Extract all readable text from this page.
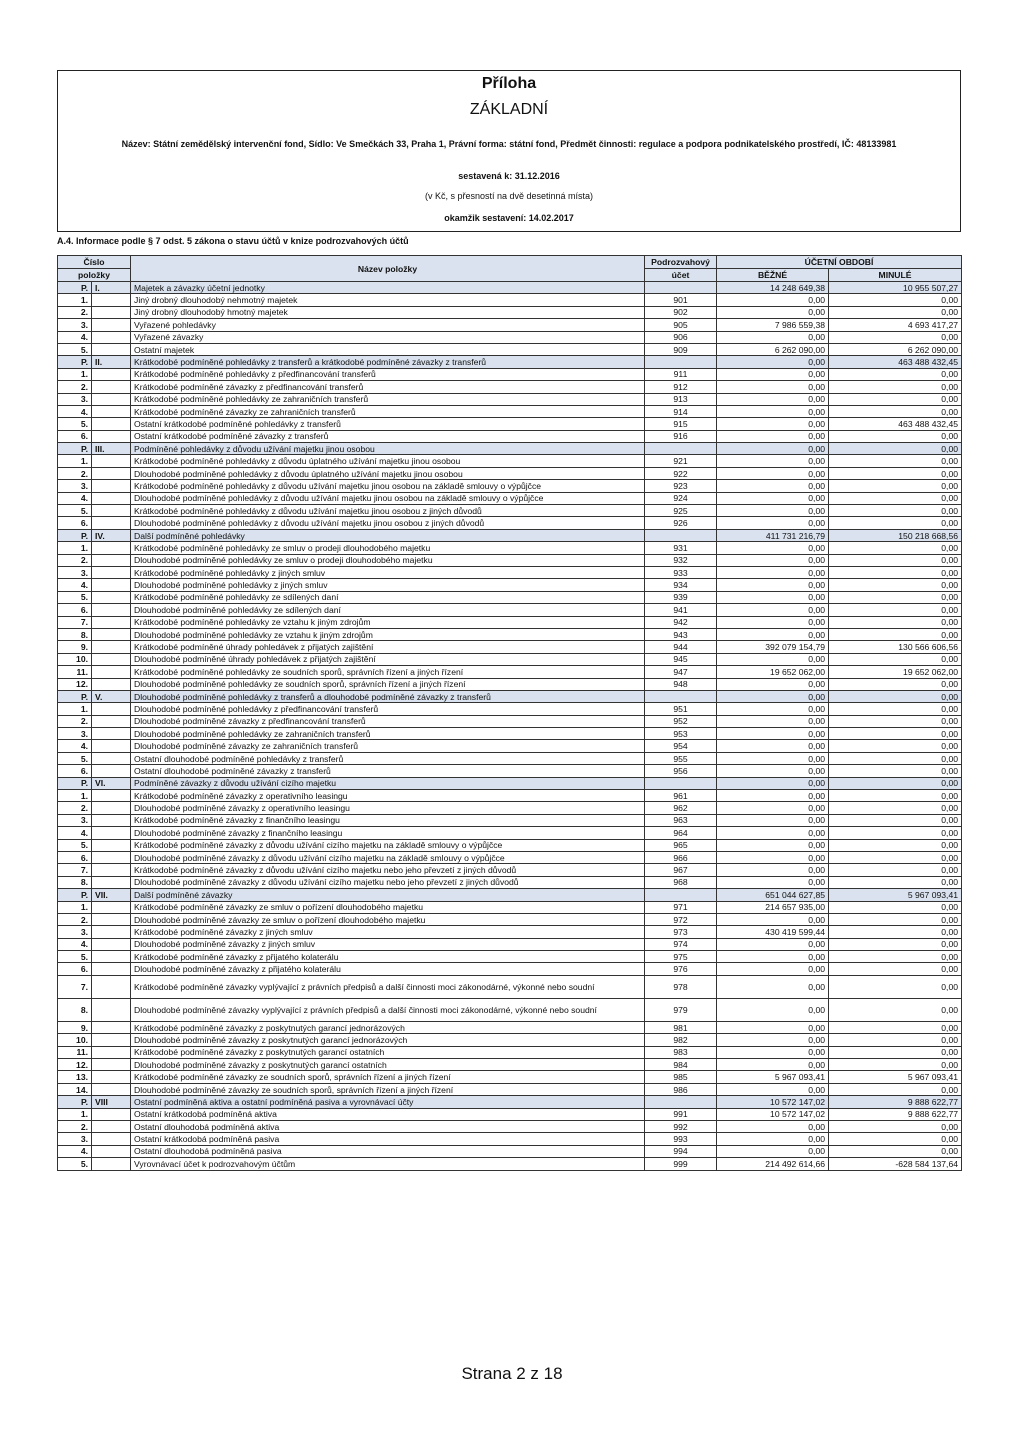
Příloha
ZÁKLADNÍ
Název: Státní zemědělský intervenční fond, Sídlo: Ve Smečkách 33, Praha 1, Právní forma: státní fond, Předmět činnosti: regulace a podpora podnikatelského prostředí, IČ: 48133981
sestavená k: 31.12.2016
(v Kč, s přesností na dvě desetinná místa)
okamžik sestavení: 14.02.2017
A.4. Informace podle § 7 odst. 5 zákona o stavu účtů v knize podrozvahových účtů
Číslo		Název položky	Podrozvahový	ÚČETNÍ OBDOBÍ	
položky			účet	BĚŽNÉ	MINULÉ
P.	I.	Majetek a závazky účetní jednotky		14 248 649,38	10 955 507,27
1.		Jiný drobný dlouhodobý nehmotný majetek	901	0,00	0,00
2.		Jiný drobný dlouhodobý hmotný majetek	902	0,00	0,00
3.		Vyřazené pohledávky	905	7 986 559,38	4 693 417,27
4.		Vyřazené závazky	906	0,00	0,00
5.		Ostatní majetek	909	6 262 090,00	6 262 090,00
P.	II.	Krátkodobé podmíněné pohledávky z transferů a krátkodobé podmíněné závazky z transferů		0,00	463 488 432,45
1.		Krátkodobé podmíněné pohledávky z předfinancování transferů	911	0,00	0,00
2.		Krátkodobé podmíněné závazky z předfinancování transferů	912	0,00	0,00
3.		Krátkodobé podmíněné pohledávky ze zahraničních transferů	913	0,00	0,00
4.		Krátkodobé podmíněné závazky ze zahraničních transferů	914	0,00	0,00
5.		Ostatní krátkodobé podmíněné pohledávky z transferů	915	0,00	463 488 432,45
6.		Ostatní krátkodobé podmíněné závazky z transferů	916	0,00	0,00
P.	III.	Podmíněné pohledávky z důvodu užívání majetku jinou osobou		0,00	0,00
1.		Krátkodobé podmíněné pohledávky z důvodu úplatného užívání majetku jinou osobou	921	0,00	0,00
2.		Dlouhodobé podmíněné pohledávky z důvodu úplatného užívání majetku jinou osobou	922	0,00	0,00
3.		Krátkodobé podmíněné pohledávky z důvodu užívání majetku jinou osobou na základě smlouvy o výpůjčce	923	0,00	0,00
4.		Dlouhodobé podmíněné pohledávky z důvodu užívání majetku jinou osobou na základě smlouvy o výpůjčce	924	0,00	0,00
5.		Krátkodobé podmíněné pohledávky z důvodu užívání majetku jinou osobou z jiných důvodů	925	0,00	0,00
6.		Dlouhodobé podmíněné pohledávky z důvodu užívání majetku jinou osobou z jiných důvodů	926	0,00	0,00
P.	IV.	Další podmíněné pohledávky		411 731 216,79	150 218 668,56
1.		Krátkodobé podmíněné pohledávky ze smluv o prodeji dlouhodobého majetku	931	0,00	0,00
2.		Dlouhodobé podmíněné pohledávky ze smluv o prodeji dlouhodobého majetku	932	0,00	0,00
3.		Krátkodobé podmíněné pohledávky z jiných smluv	933	0,00	0,00
4.		Dlouhodobé podmíněné pohledávky z jiných smluv	934	0,00	0,00
5.		Krátkodobé podmíněné pohledávky ze sdílených daní	939	0,00	0,00
6.		Dlouhodobé podmíněné pohledávky ze sdílených daní	941	0,00	0,00
7.		Krátkodobé podmíněné pohledávky ze vztahu k jiným zdrojům	942	0,00	0,00
8.		Dlouhodobé podmíněné pohledávky ze vztahu k jiným zdrojům	943	0,00	0,00
9.		Krátkodobé podmíněné úhrady pohledávek z přijatých zajištění	944	392 079 154,79	130 566 606,56
10.		Dlouhodobé podmíněné úhrady pohledávek z přijatých zajištění	945	0,00	0,00
11.		Krátkodobé podmíněné pohledávky ze soudních sporů, správních řízení a jiných řízení	947	19 652 062,00	19 652 062,00
12.		Dlouhodobé podmíněné pohledávky ze soudních sporů, správních řízení a jiných řízení	948	0,00	0,00
P.	V.	Dlouhodobé podmíněné pohledávky z transferů a dlouhodobé podmíněné závazky z transferů		0,00	0,00
1.		Dlouhodobé podmíněné pohledávky z předfinancování transferů	951	0,00	0,00
2.		Dlouhodobé podmíněné závazky z předfinancování transferů	952	0,00	0,00
3.		Dlouhodobé podmíněné pohledávky ze zahraničních transferů	953	0,00	0,00
4.		Dlouhodobé podmíněné závazky ze zahraničních transferů	954	0,00	0,00
5.		Ostatní dlouhodobé podmíněné pohledávky z transferů	955	0,00	0,00
6.		Ostatní dlouhodobé podmíněné závazky z transferů	956	0,00	0,00
P.	VI.	Podmíněné závazky z důvodu užívání cizího majetku		0,00	0,00
1.		Krátkodobé podmíněné závazky z operativního leasingu	961	0,00	0,00
2.		Dlouhodobé podmíněné závazky z operativního leasingu	962	0,00	0,00
3.		Krátkodobé podmíněné závazky z finančního leasingu	963	0,00	0,00
4.		Dlouhodobé podmíněné závazky z finančního leasingu	964	0,00	0,00
5.		Krátkodobé podmíněné závazky z důvodu užívání cizího majetku na základě smlouvy o výpůjčce	965	0,00	0,00
6.		Dlouhodobé podmíněné závazky z důvodu užívání cizího majetku na základě smlouvy o výpůjčce	966	0,00	0,00
7.		Krátkodobé podmíněné závazky z důvodu užívání cizího majetku nebo jeho převzetí z jiných důvodů	967	0,00	0,00
8.		Dlouhodobé podmíněné závazky z důvodu užívání cizího majetku nebo jeho převzetí z jiných důvodů	968	0,00	0,00
P.	VII.	Další podmíněné závazky		651 044 627,85	5 967 093,41
1.		Krátkodobé podmíněné závazky ze smluv o pořízení dlouhodobého majetku	971	214 657 935,00	0,00
2.		Dlouhodobé podmíněné závazky ze smluv o pořízení dlouhodobého majetku	972	0,00	0,00
3.		Krátkodobé podmíněné závazky z jiných smluv	973	430 419 599,44	0,00
4.		Dlouhodobé podmíněné závazky z jiných smluv	974	0,00	0,00
5.		Krátkodobé podmíněné závazky z přijatého kolaterálu	975	0,00	0,00
6.		Dlouhodobé podmíněné závazky z přijatého kolaterálu	976	0,00	0,00
7.		Krátkodobé podmíněné závazky vyplývající z právních předpisů a další činnosti moci zákonodárné, výkonné nebo soudní	978	0,00	0,00
8.		Dlouhodobé podmíněné závazky vyplývající z právních předpisů a další činnosti moci zákonodárné, výkonné nebo soudní	979	0,00	0,00
9.		Krátkodobé podmíněné závazky z poskytnutých garancí jednorázových	981	0,00	0,00
10.		Dlouhodobé podmíněné závazky z poskytnutých garancí jednorázových	982	0,00	0,00
11.		Krátkodobé podmíněné závazky z poskytnutých garancí ostatních	983	0,00	0,00
12.		Dlouhodobé podmíněné závazky z poskytnutých garancí ostatních	984	0,00	0,00
13.		Krátkodobé podmíněné závazky ze soudních sporů, správních řízení a jiných řízení	985	5 967 093,41	5 967 093,41
14.		Dlouhodobé podmíněné závazky ze soudních sporů, správních řízení a jiných řízení	986	0,00	0,00
P.	VIII	Ostatní podmíněná aktiva a ostatní podmíněná pasiva a vyrovnávací účty		10 572 147,02	9 888 622,77
1.		Ostatní krátkodobá podmíněná aktiva	991	10 572 147,02	9 888 622,77
2.		Ostatní dlouhodobá podmíněná aktiva	992	0,00	0,00
3.		Ostatní krátkodobá podmíněná pasiva	993	0,00	0,00
4.		Ostatní dlouhodobá podmíněná pasiva	994	0,00	0,00
5.		Vyrovnávací účet k podrozvahovým účtům	999	214 492 614,66	-628 584 137,64
Strana 2 z 18
